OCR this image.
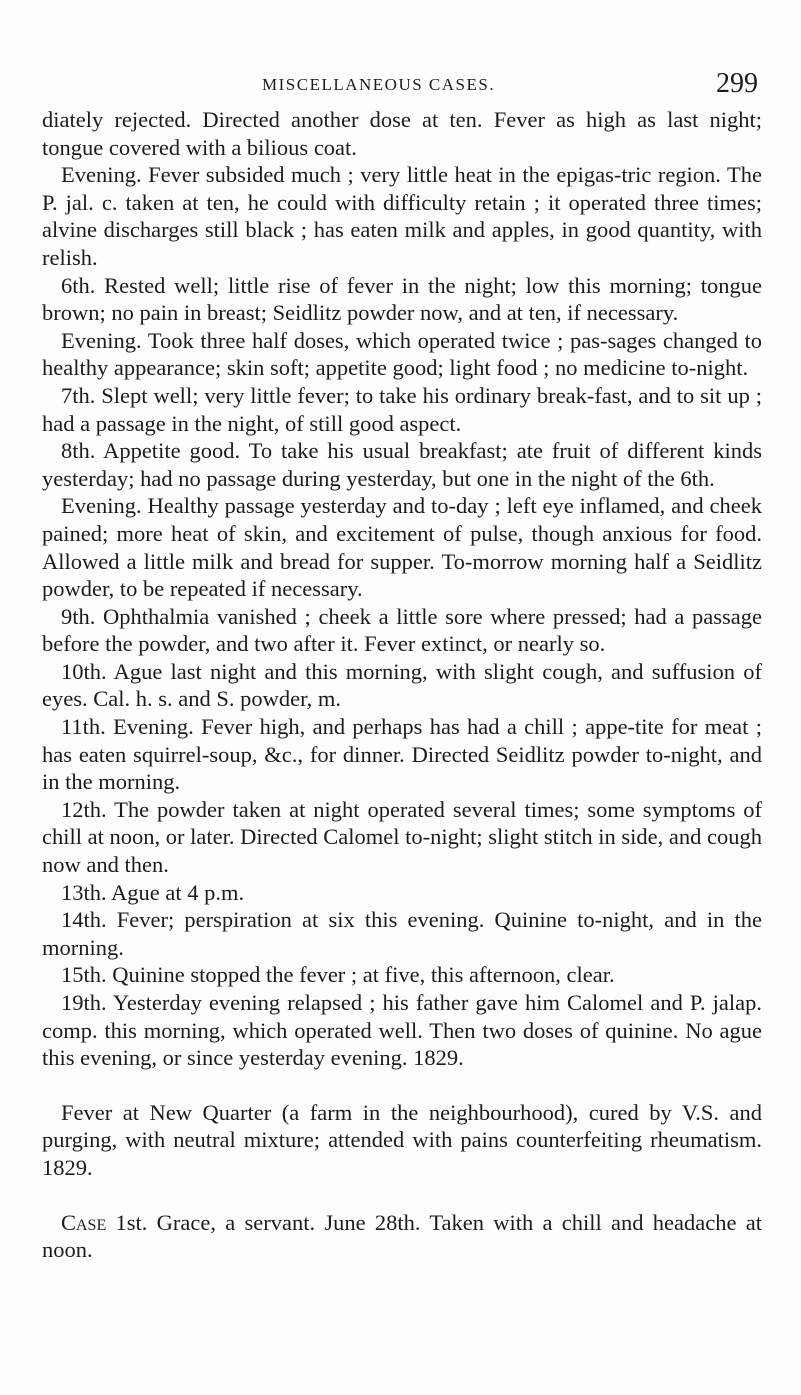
MISCELLANEOUS CASES.	299

diately rejected. Directed another dose at ten. Fever as high as last night; tongue covered with a bilious coat.

Evening. Fever subsided much ; very little heat in the epigas-tric region. The P. jal. c. taken at ten, he could with difficulty retain ; it operated three times; alvine discharges still black ; has eaten milk and apples, in good quantity, with relish.

6th. Rested well; little rise of fever in the night; low this morning; tongue brown; no pain in breast; Seidlitz powder now, and at ten, if necessary.

Evening. Took three half doses, which operated twice ; pas-sages changed to healthy appearance; skin soft; appetite good; light food ; no medicine to-night.

7th. Slept well; very little fever; to take his ordinary break-fast, and to sit up ; had a passage in the night, of still good aspect.

8th. Appetite good. To take his usual breakfast; ate fruit of different kinds yesterday; had no passage during yesterday, but one in the night of the 6th.

Evening. Healthy passage yesterday and to-day ; left eye inflamed, and cheek pained; more heat of skin, and excitement of pulse, though anxious for food. Allowed a little milk and bread for supper. To-morrow morning half a Seidlitz powder, to be repeated if necessary.

9th. Ophthalmia vanished ; cheek a little sore where pressed; had a passage before the powder, and two after it. Fever extinct, or nearly so.

10th. Ague last night and this morning, with slight cough, and suffusion of eyes. Cal. h. s. and S. powder, m.

11th. Evening. Fever high, and perhaps has had a chill ; appe-tite for meat ; has eaten squirrel-soup, &c., for dinner. Directed Seidlitz powder to-night, and in the morning.

12th. The powder taken at night operated several times; some symptoms of chill at noon, or later. Directed Calomel to-night; slight stitch in side, and cough now and then.

13th. Ague at 4 p.m.

14th. Fever; perspiration at six this evening. Quinine to-night, and in the morning.

15th. Quinine stopped the fever ; at five, this afternoon, clear.

19th. Yesterday evening relapsed ; his father gave him Calomel and P. jalap. comp. this morning, which operated well. Then two doses of quinine. No ague this evening, or since yesterday evening. 1829.

Fever at New Quarter (a farm in the neighbourhood), cured by V.S. and purging, with neutral mixture; attended with pains counterfeiting rheumatism. 1829.

Case 1st. Grace, a servant. June 28th. Taken with a chill and headache at noon.
